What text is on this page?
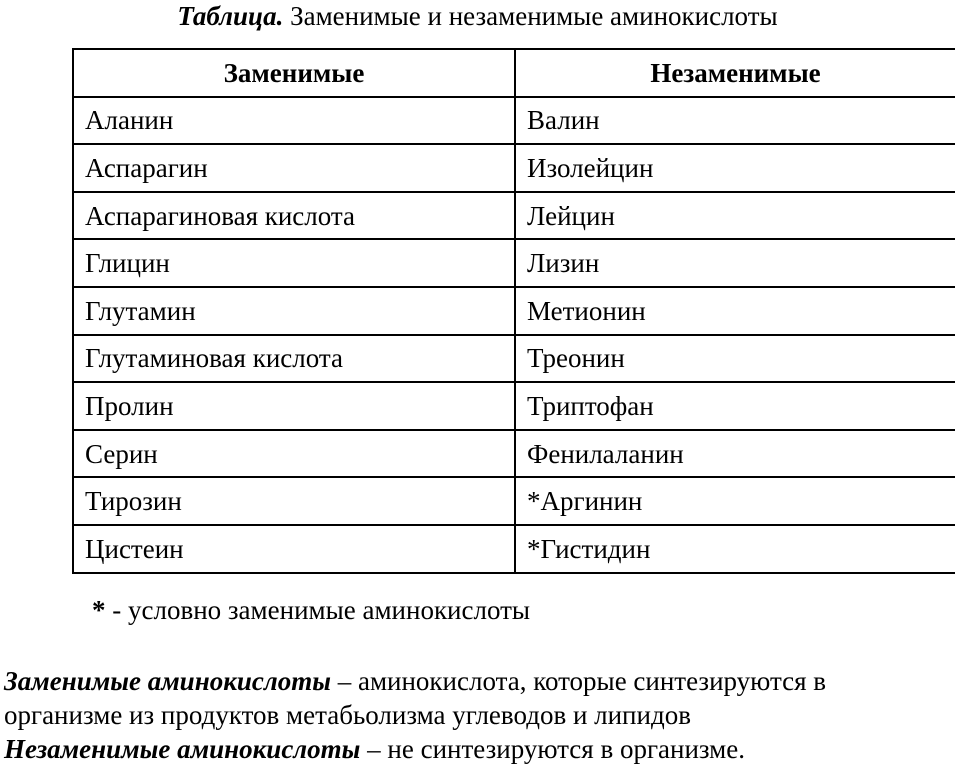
Таблица. Заменимые и незаменимые аминокислоты
Заменимые	Незаменимые
Аланин	Валин
Аспарагин	Изолейцин
Аспарагиновая кислота	Лейцин
Глицин	Лизин
Глутамин	Метионин
Глутаминовая кислота	Треонин
Пролин	Триптофан
Серин	Фенилаланин
Тирозин	*Аргинин
Цистеин	*Гистидин
* - условно заменимые аминокислоты

Заменимые аминокислоты – аминокислота, которые синтезируются в

организме из продуктов метабьолизма углеводов и липидов

Незаменимые аминокислоты – не синтезируются в организме.
